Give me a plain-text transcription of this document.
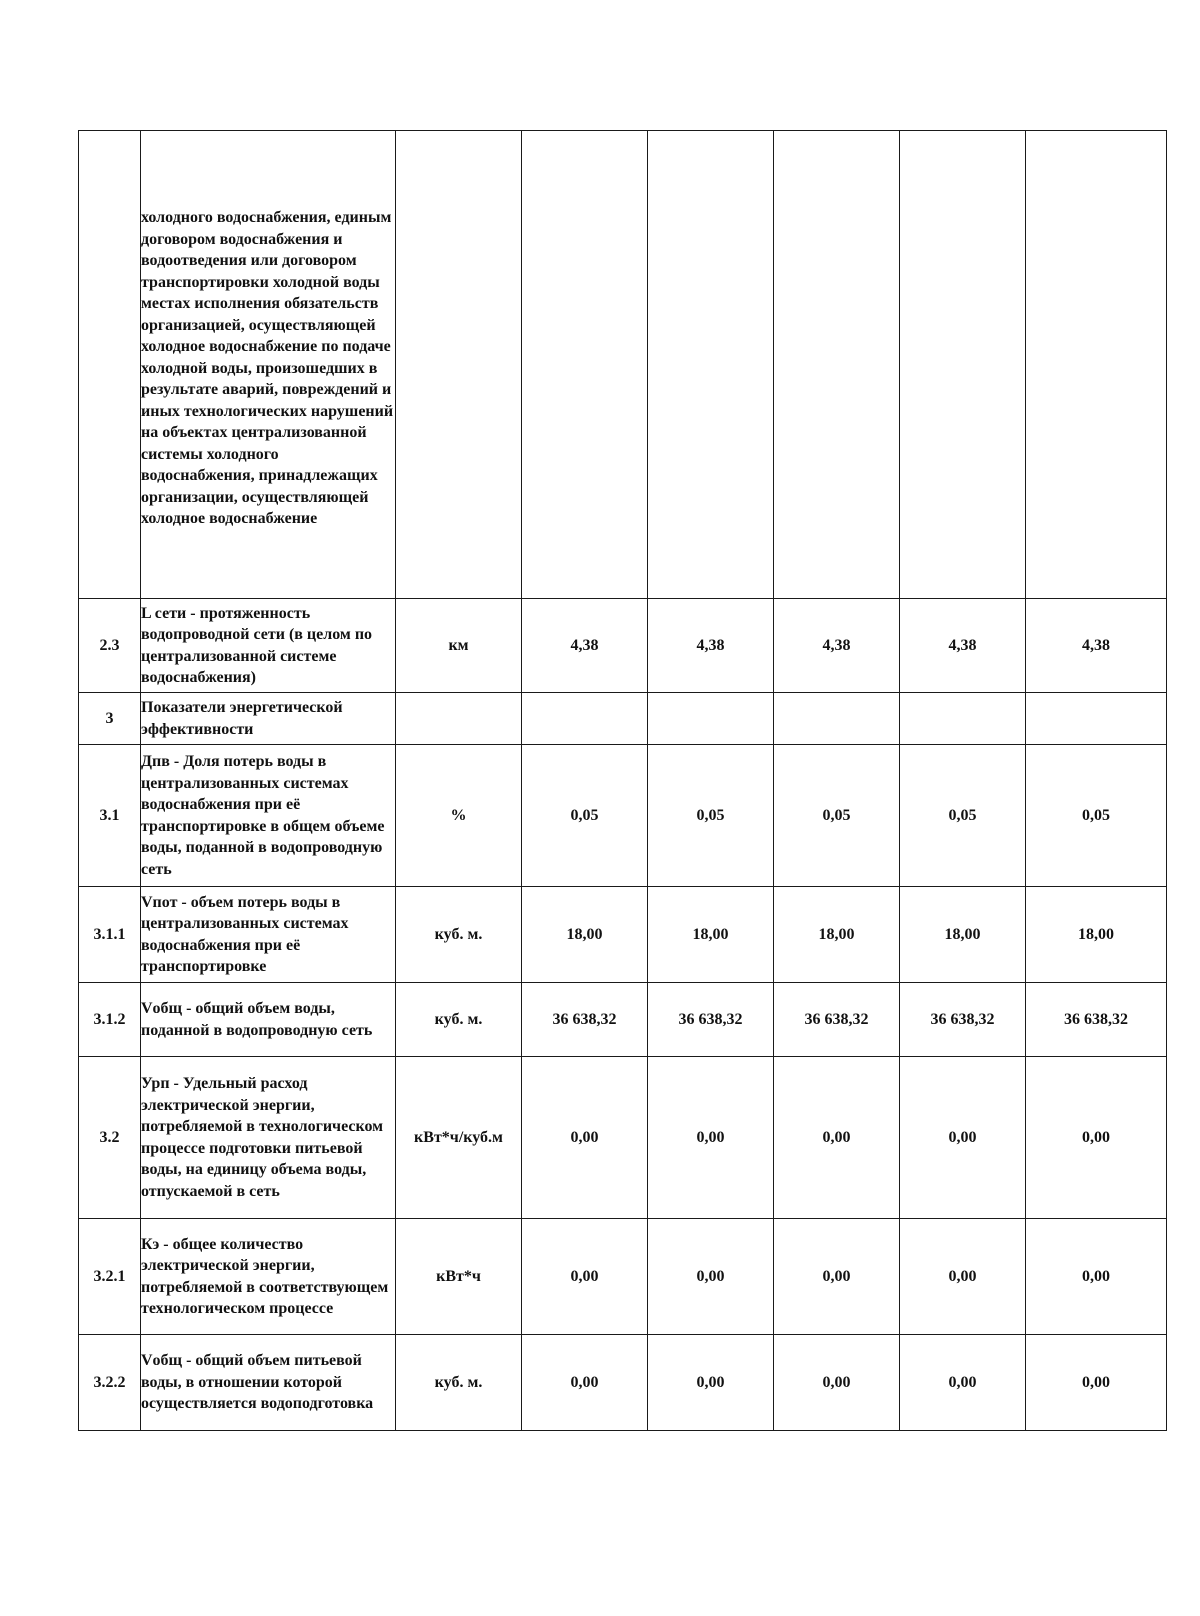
	холодного водоснабжения, единым договором водоснабжения и водоотведения или договором транспортировки холодной воды местах исполнения обязательств организацией, осуществляющей холодное водоснабжение по подаче холодной воды, произошедших в результате аварий, повреждений и иных технологических нарушений на объектах централизованной системы холодного водоснабжения, принадлежащих организации, осуществляющей холодное водоснабжение						
2.3	L сети - протяженность водопроводной сети (в целом по централизованной системе водоснабжения)	км	4,38	4,38	4,38	4,38	4,38
3	Показатели энергетической эффективности						
3.1	Дпв - Доля потерь воды в централизованных системах водоснабжения при её транспортировке в общем объеме воды, поданной в водопроводную сеть	%	0,05	0,05	0,05	0,05	0,05
3.1.1	Vпот - объем потерь воды в централизованных системах водоснабжения при её транспортировке	куб. м.	18,00	18,00	18,00	18,00	18,00
3.1.2	Vобщ - общий объем воды, поданной в водопроводную сеть	куб. м.	36 638,32	36 638,32	36 638,32	36 638,32	36 638,32
3.2	Урп - Удельный расход электрической энергии, потребляемой в технологическом процессе подготовки питьевой воды, на единицу объема воды, отпускаемой в сеть	кВт*ч/куб.м	0,00	0,00	0,00	0,00	0,00
3.2.1	Кэ - общее количество электрической энергии, потребляемой в соответствующем технологическом процессе	кВт*ч	0,00	0,00	0,00	0,00	0,00
3.2.2	Vобщ - общий объем питьевой воды, в отношении которой осуществляется водоподготовка	куб. м.	0,00	0,00	0,00	0,00	0,00
